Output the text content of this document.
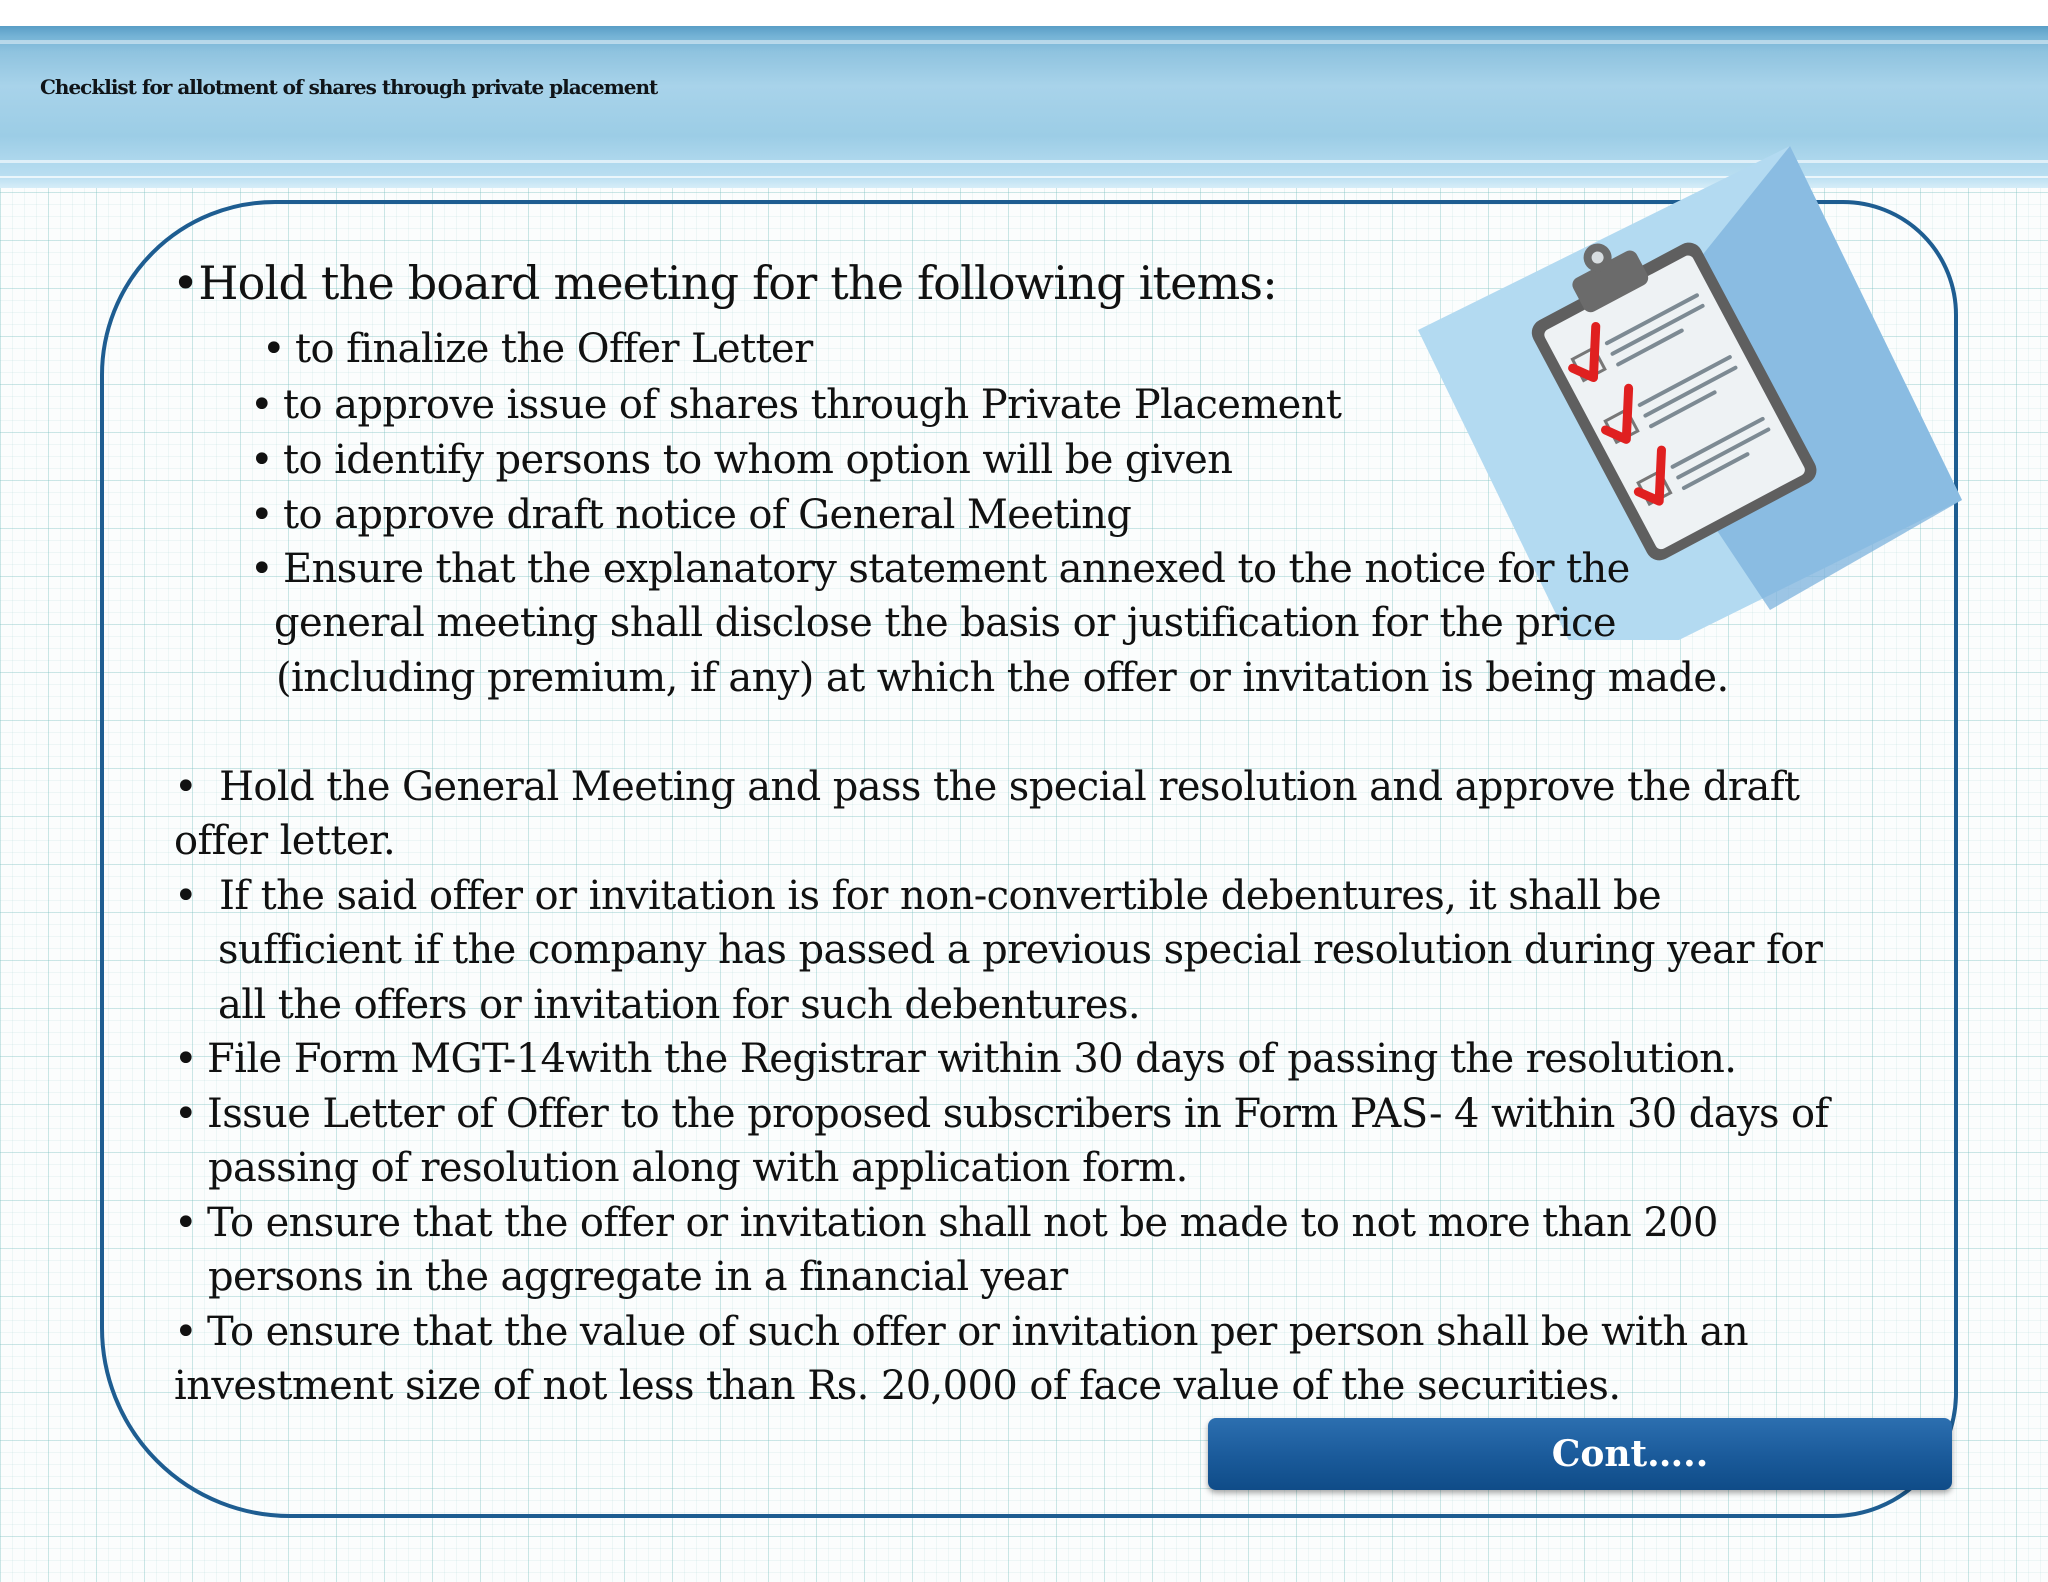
Checklist for allotment of shares through private placement

•Hold the board meeting for the following items:

• to finalize the Offer Letter

• to approve issue of shares through Private Placement

• to identify persons to whom option will be given

• to approve draft notice of General Meeting

• Ensure that the explanatory statement annexed to the notice for the

general meeting shall disclose the basis or justification for the price

(including premium, if any) at which the offer or invitation is being made.

• Hold the General Meeting and pass the special resolution and approve the draft

offer letter.

• If the said offer or invitation is for non-convertible debentures, it shall be

sufficient if the company has passed a previous special resolution during year for

all the offers or invitation for such debentures.

• File Form MGT-14with the Registrar within 30 days of passing the resolution.

• Issue Letter of Offer to the proposed subscribers in Form PAS- 4 within 30 days of

passing of resolution along with application form.

• To ensure that the offer or invitation shall not be made to not more than 200

persons in the aggregate in a financial year

• To ensure that the value of such offer or invitation per person shall be with an

investment size of not less than Rs. 20,000 of face value of the securities.

Cont…..
